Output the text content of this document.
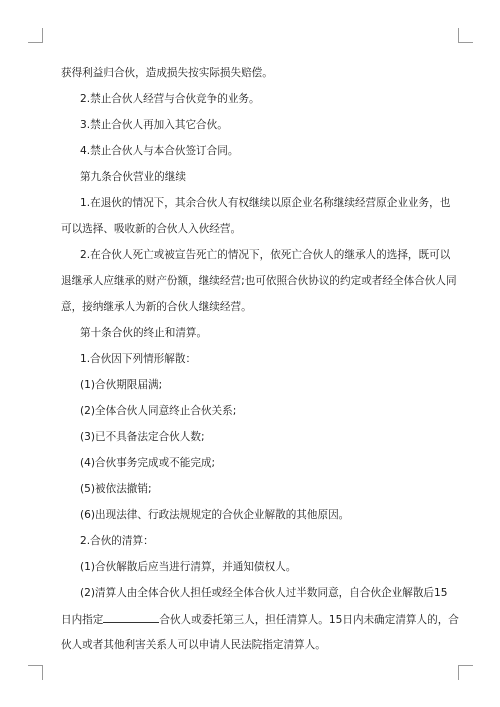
获得利益归合伙，造成损失按实际损失赔偿。
2.禁止合伙人经营与合伙竞争的业务。
3.禁止合伙人再加入其它合伙。
4.禁止合伙人与本合伙签订合同。
第九条合伙营业的继续
1.在退伙的情况下，其余合伙人有权继续以原企业名称继续经营原企业业务，也
可以选择、吸收新的合伙人入伙经营。
2.在合伙人死亡或被宣告死亡的情况下，依死亡合伙人的继承人的选择，既可以
退继承人应继承的财产份额，继续经营;也可依照合伙协议的约定或者经全体合伙人同
意，接纳继承人为新的合伙人继续经营。
第十条合伙的终止和清算。
1.合伙因下列情形解散：
(1)合伙期限届满;
(2)全体合伙人同意终止合伙关系;
(3)已不具备法定合伙人数;
(4)合伙事务完成或不能完成;
(5)被依法撤销;
(6)出现法律、行政法规规定的合伙企业解散的其他原因。
2.合伙的清算：
(1)合伙解散后应当进行清算，并通知债权人。
(2)清算人由全体合伙人担任或经全体合伙人过半数同意，自合伙企业解散后15
日内指定	合伙人或委托第三人，担任清算人。15日内未确定清算人的，合
伙人或者其他利害关系人可以申请人民法院指定清算人。
